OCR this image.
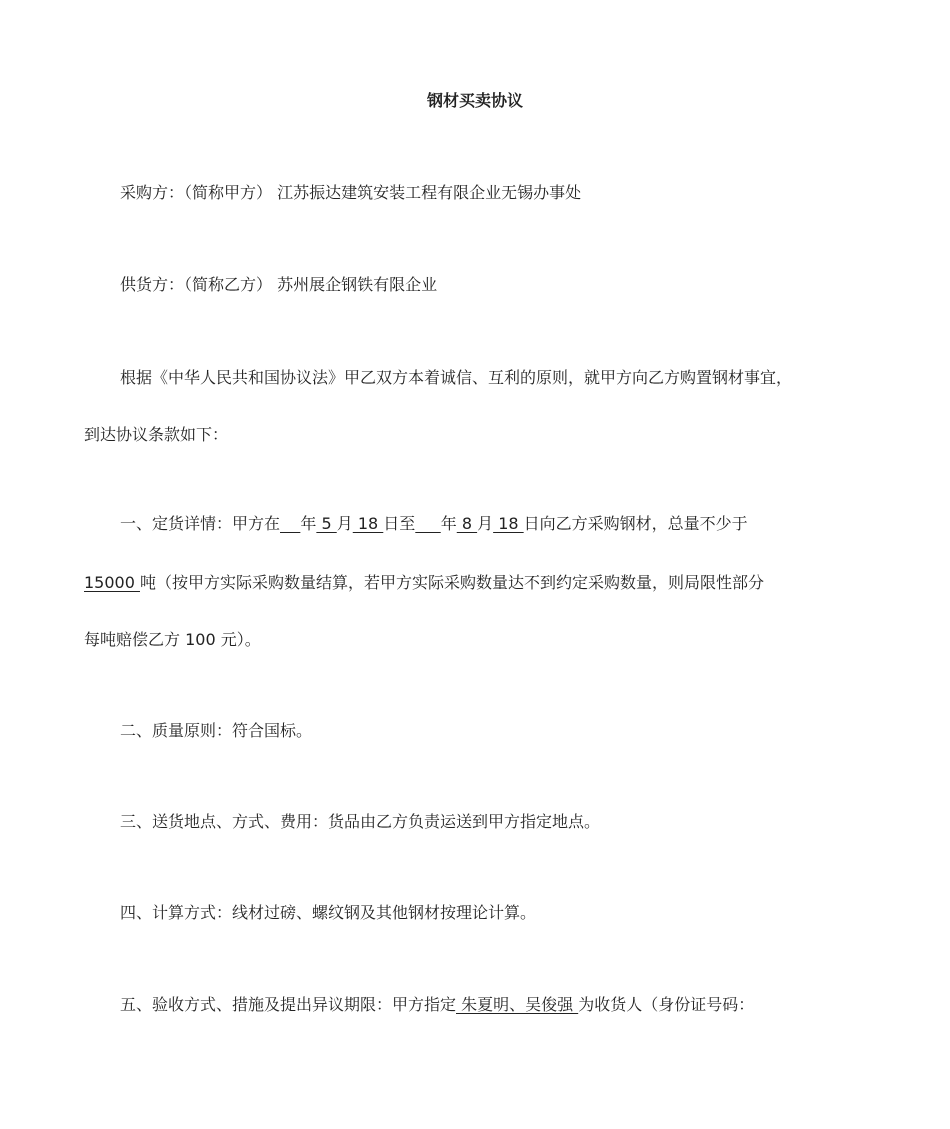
钢材买卖协议
采购方：（简称甲方） 江苏振达建筑安装工程有限企业无锡办事处
供货方：（简称乙方） 苏州展企钢铁有限企业
根据《中华人民共和国协议法》甲乙双方本着诚信、互利的原则，就甲方向乙方购置钢材事宜，
到达协议条款如下：
一、定货详情：甲方在 年 5 月 18 日至 年 8 月 18 日向乙方采购钢材，总量不少于
15000 吨（按甲方实际采购数量结算，若甲方实际采购数量达不到约定采购数量，则局限性部分
每吨赔偿乙方 100 元）。
二、质量原则：符合国标。
三、送货地点、方式、费用：货品由乙方负责运送到甲方指定地点。
四、计算方式：线材过磅、螺纹钢及其他钢材按理论计算。
五、验收方式、措施及提出异议期限：甲方指定 朱夏明、吴俊强 为收货人（身份证号码：
